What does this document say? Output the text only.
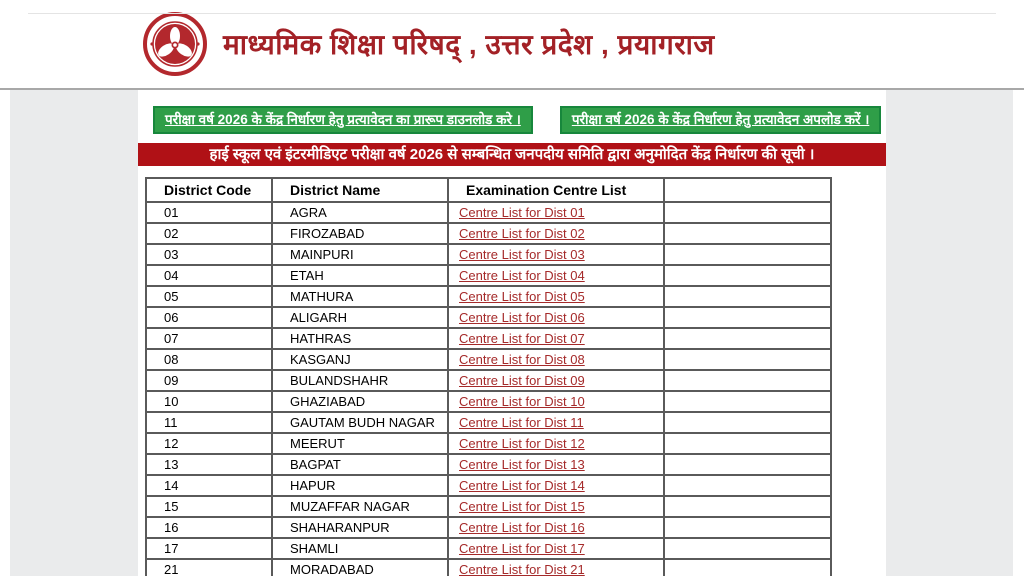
माध्यमिक शिक्षा परिषद् , उत्तर प्रदेश , प्रयागराज
परीक्षा वर्ष 2026 के केंद्र निर्धारण हेतु प्रत्यावेदन का प्रारूप डाउनलोड करे ।	परीक्षा वर्ष 2026 के केंद्र निर्धारण हेतु प्रत्यावेदन अपलोड करें ।
हाई स्कूल एवं इंटरमीडिएट परीक्षा वर्ष 2026 से सम्बन्धित जनपदीय समिति द्वारा अनुमोदित केंद्र निर्धारण की सूची ।
District Code	District Name	Examination Centre List	
01	AGRA	Centre List for Dist 01	
02	FIROZABAD	Centre List for Dist 02	
03	MAINPURI	Centre List for Dist 03	
04	ETAH	Centre List for Dist 04	
05	MATHURA	Centre List for Dist 05	
06	ALIGARH	Centre List for Dist 06	
07	HATHRAS	Centre List for Dist 07	
08	KASGANJ	Centre List for Dist 08	
09	BULANDSHAHR	Centre List for Dist 09	
10	GHAZIABAD	Centre List for Dist 10	
11	GAUTAM BUDH NAGAR	Centre List for Dist 11	
12	MEERUT	Centre List for Dist 12	
13	BAGPAT	Centre List for Dist 13	
14	HAPUR	Centre List for Dist 14	
15	MUZAFFAR NAGAR	Centre List for Dist 15	
16	SHAHARANPUR	Centre List for Dist 16	
17	SHAMLI	Centre List for Dist 17	
21	MORADABAD	Centre List for Dist 21	
